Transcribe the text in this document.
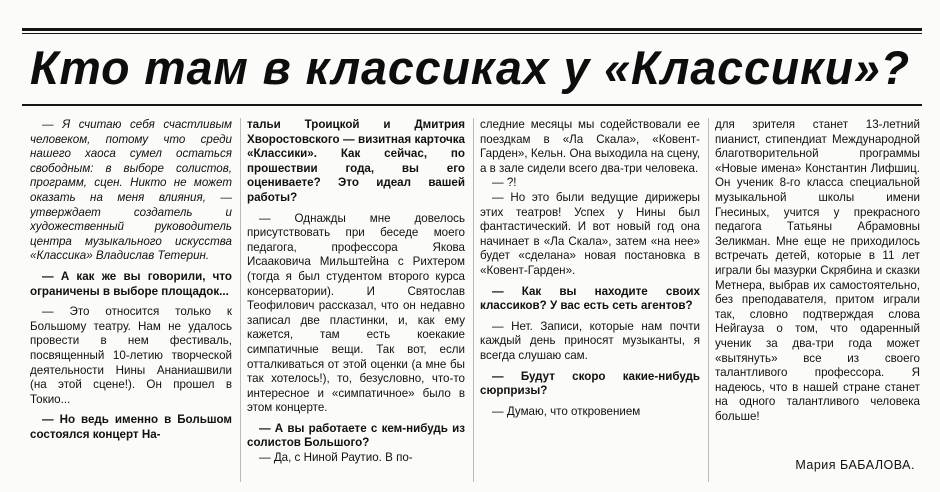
Кто там в классиках у «Классики»?

— Я считаю себя счастливым человеком, потому что среди нашего хаоса сумел остаться свободным: в выборе солистов, программ, сцен. Никто не может оказать на меня влияния, — утверждает создатель и художественный руководитель центра музыкального искусства «Классика» Владислав Тетерин.

— А как же вы говорили, что ограничены в выборе площадок...

— Это относится только к Большому театру. Нам не удалось провести в нем фестиваль, посвященный 10-летию творческой деятельности Нины Ананиашвили (на этой сцене!). Он прошел в Токио...

— Но ведь именно в Большом состоялся концерт На-

тальи Троицкой и Дмитрия Хворостовского — визитная карточка «Классики». Как сейчас, по прошествии года, вы его оцениваете? Это идеал вашей работы?

— Однажды мне довелось присутствовать при беседе моего педагога, профессора Якова Исааковича Мильштейна с Рихтером (тогда я был студентом второго курса консерватории). И Святослав Теофилович рассказал, что он недавно записал две пластинки, и, как ему кажется, там есть коекакие симпатичные вещи. Так вот, если отталкиваться от этой оценки (а мне бы так хотелось!), то, безусловно, что-то интересное и «симпатичное» было в этом концерте.

— А вы работаете с кем-нибудь из солистов Большого?

— Да, с Ниной Раутио. В по-

следние месяцы мы содействовали ее поездкам в «Ла Скала», «Ковент-Гарден», Кельн. Она выходила на сцену, а в зале сидели всего два-три человека.

— ?!

— Но это были ведущие дирижеры этих театров! Успех у Нины был фантастический. И вот новый год она начинает в «Ла Скала», затем «на нее» будет «сделана» новая постановка в «Ковент-Гарден».

— Как вы находите своих классиков? У вас есть сеть агентов?

— Нет. Записи, которые нам почти каждый день приносят музыканты, я всегда слушаю сам.

— Будут скоро какие-нибудь сюрпризы?

— Думаю, что откровением

для зрителя станет 13-летний пианист, стипендиат Международной благотворительной программы «Новые имена» Константин Лифшиц. Он ученик 8-го класса специальной музыкальной школы имени Гнесиных, учится у прекрасного педагога Татьяны Абрамовны Зеликман. Мне еще не приходилось встречать детей, которые в 11 лет играли бы мазурки Скрябина и сказки Метнера, выбрав их самостоятельно, без преподавателя, притом играли так, словно подтверждая слова Нейгауза о том, что одаренный ученик за два-три года может «вытянуть» все из своего талантливого профессора. Я надеюсь, что в нашей стране станет на одного талантливого человека больше!

Мария БАБАЛОВА.
